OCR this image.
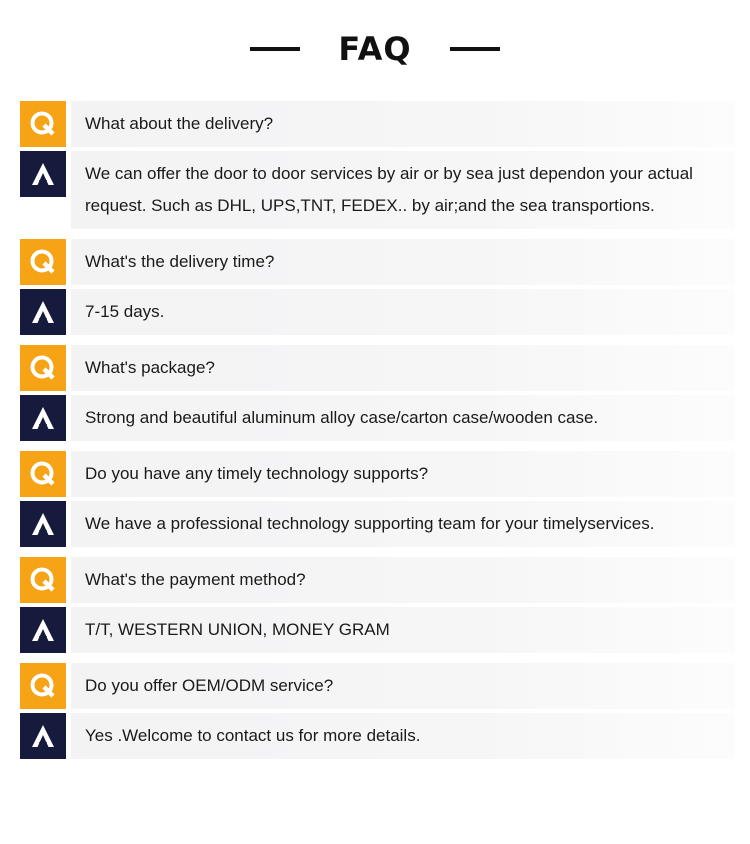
FAQ
What about the delivery?
We can offer the door to door services by air or by sea just dependon your actual request. Such as DHL, UPS,TNT, FEDEX.. by air;and the sea transportions.
What's the delivery time?
7-15 days.
What's package?
Strong and beautiful aluminum alloy case/carton case/wooden case.
Do you have any timely technology supports?
We have a professional technology supporting team for your timelyservices.
What's the payment method?
T/T, WESTERN UNION, MONEY GRAM
Do you offer OEM/ODM service?
Yes .Welcome to contact us for more details.
